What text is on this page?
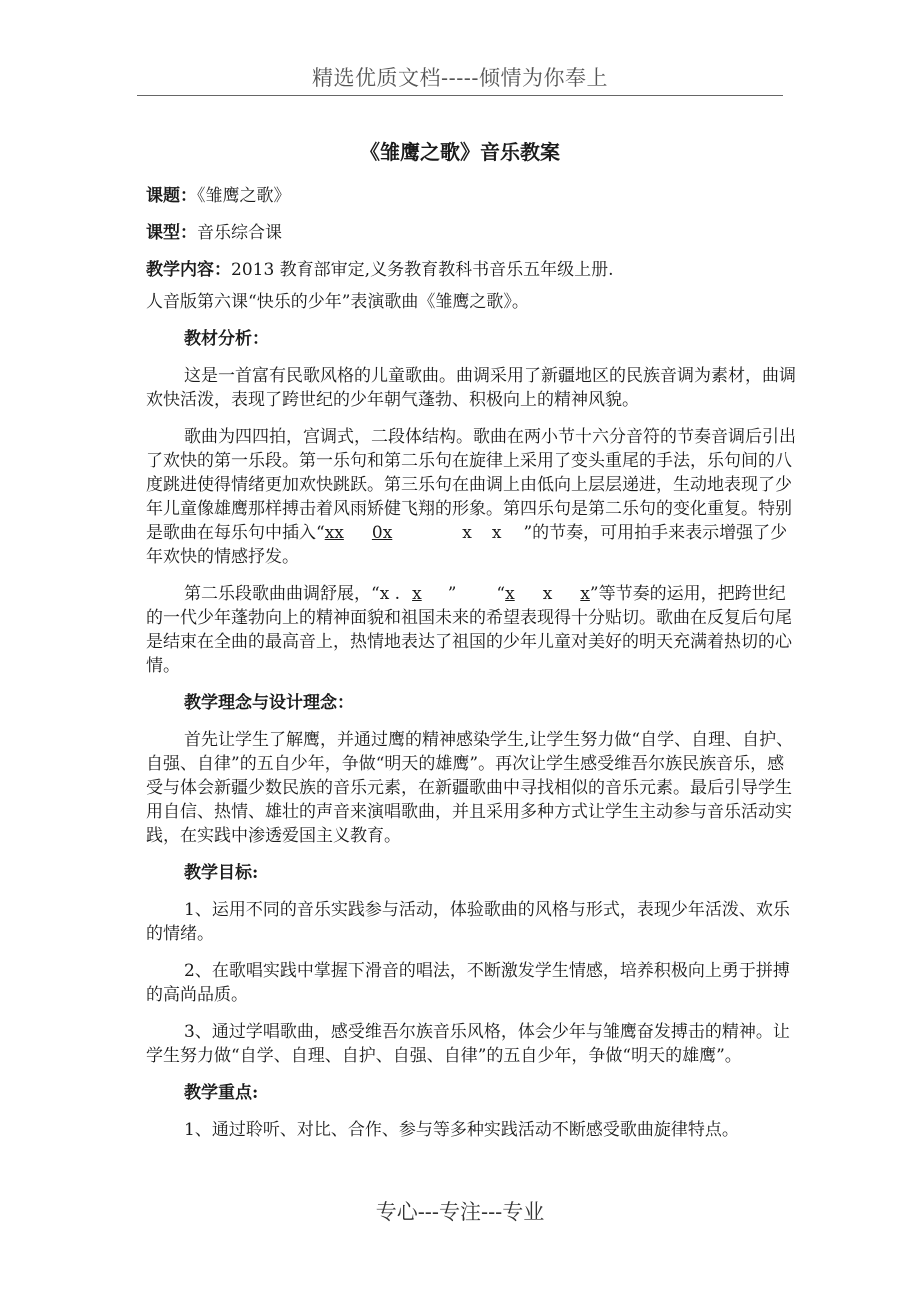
精选优质文档-----倾情为你奉上
《雏鹰之歌》音乐教案

课题：《雏鹰之歌》

课型：音乐综合课

教学内容：2013 教育部审定,义务教育教科书音乐五年级上册.

人音版第六课“快乐的少年”表演歌曲《雏鹰之歌》。

教材分析：

这是一首富有民歌风格的儿童歌曲。曲调采用了新疆地区的民族音调为素材，曲调欢快活泼，表现了跨世纪的少年朝气蓬勃、积极向上的精神风貌。

歌曲为四四拍，宫调式，二段体结构。歌曲在两小节十六分音符的节奏音调后引出了欢快的第一乐段。第一乐句和第二乐句在旋律上采用了变头重尾的手法，乐句间的八度跳进使得情绪更加欢快跳跃。第三乐句在曲调上由低向上层层递进，生动地表现了少年儿童像雄鹰那样搏击着风雨矫健飞翔的形象。第四乐句是第二乐句的变化重复。特别是歌曲在每乐句中插入“xx 0x	x x ”的节奏，可用拍手来表示增强了少年欢快的情感抒发。

第二乐段歌曲曲调舒展，“x . x ” “x x x”等节奏的运用，把跨世纪的一代少年蓬勃向上的精神面貌和祖国未来的希望表现得十分贴切。歌曲在反复后句尾是结束在全曲的最高音上，热情地表达了祖国的少年儿童对美好的明天充满着热切的心情。

教学理念与设计理念：

首先让学生了解鹰，并通过鹰的精神感染学生,让学生努力做“自学、自理、自护、自强、自律”的五自少年，争做“明天的雄鹰”。再次让学生感受维吾尔族民族音乐，感受与体会新疆少数民族的音乐元素，在新疆歌曲中寻找相似的音乐元素。最后引导学生用自信、热情、雄壮的声音来演唱歌曲，并且采用多种方式让学生主动参与音乐活动实践，在实践中渗透爱国主义教育。

教学目标:

1、运用不同的音乐实践参与活动，体验歌曲的风格与形式，表现少年活泼、欢乐的情绪。

2、在歌唱实践中掌握下滑音的唱法，不断激发学生情感，培养积极向上勇于拼搏的高尚品质。

3、通过学唱歌曲，感受维吾尔族音乐风格，体会少年与雏鹰奋发搏击的精神。让学生努力做“自学、自理、自护、自强、自律”的五自少年，争做“明天的雄鹰”。

教学重点:

1、通过聆听、对比、合作、参与等多种实践活动不断感受歌曲旋律特点。

专心---专注---专业
